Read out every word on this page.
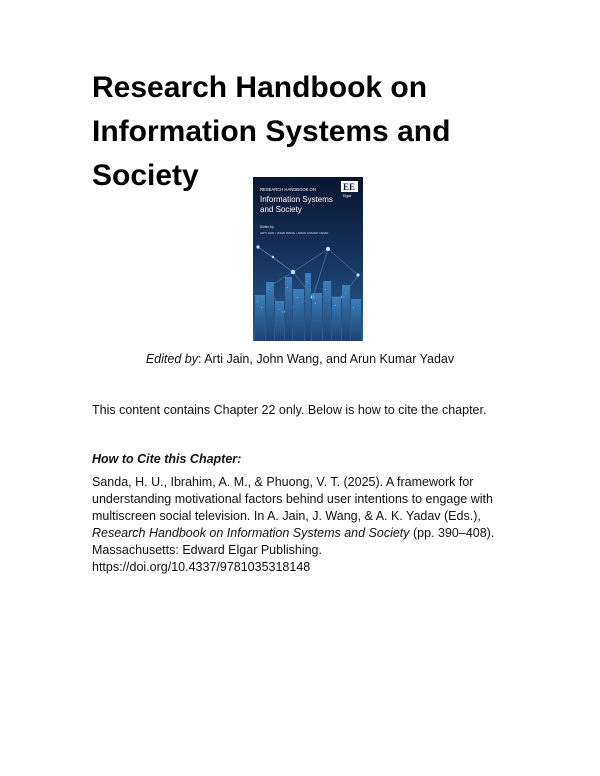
Research Handbook on
Information Systems and
Society	RESEARCH HANDBOOK ON
Information Systems
and Society
Edited by
ARTI JAIN • JOHN WANG • ARUN KUMAR YADAV
EE
Elgar
Edited by: Arti Jain, John Wang, and Arun Kumar Yadav
This content contains Chapter 22 only. Below is how to cite the chapter.
How to Cite this Chapter:
Sanda, H. U., Ibrahim, A. M., & Phuong, V. T. (2025). A framework for understanding motivational factors behind user intentions to engage with multiscreen social television. In A. Jain, J. Wang, & A. K. Yadav (Eds.), Research Handbook on Information Systems and Society (pp. 390–408). Massachusetts: Edward Elgar Publishing. https://doi.org/10.4337/9781035318148
